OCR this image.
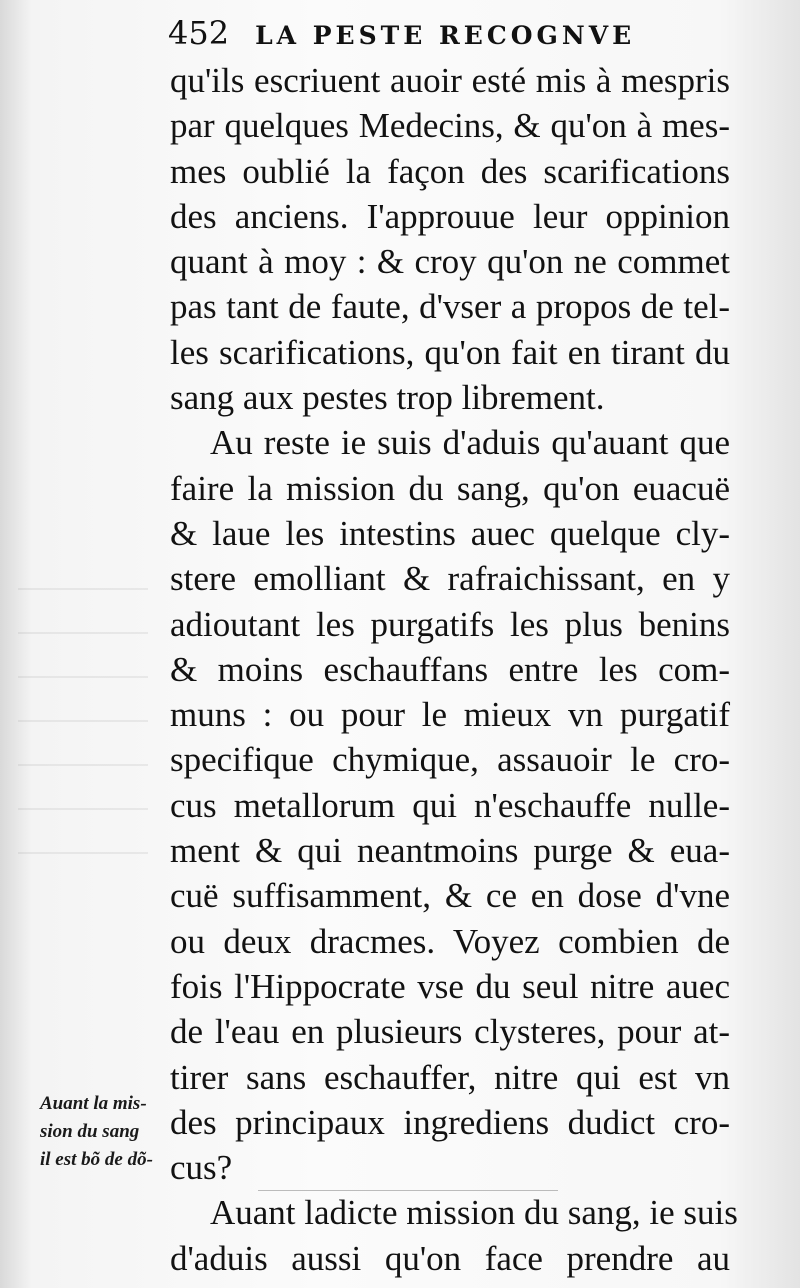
452 LA PESTE RECOGNVE
qu'ils escriuent auoir esté mis à mespris
par quelques Medecins, & qu'on à mes-
mes oublié la façon des scarifications
des anciens. I'approuue leur oppinion
quant à moy : & croy qu'on ne commet
pas tant de faute, d'vser a propos de tel-
les scarifications, qu'on fait en tirant du
sang aux pestes trop librement.
Au reste ie suis d'aduis qu'auant que
faire la mission du sang, qu'on euacuë
& laue les intestins auec quelque cly-
stere emolliant & rafraichissant, en y
adioutant les purgatifs les plus benins
& moins eschauffans entre les com-
muns : ou pour le mieux vn purgatif
specifique chymique, assauoir le cro-
cus metallorum qui n'eschauffe nulle-
ment & qui neantmoins purge & eua-
cuë suffisamment, & ce en dose d'vne
ou deux dracmes. Voyez combien de
fois l'Hippocrate vse du seul nitre auec
de l'eau en plusieurs clysteres, pour at-
tirer sans eschauffer, nitre qui est vn
des principaux ingrediens dudict cro-
cus?
Auant ladicte mission du sang, ie suis
d'aduis aussi qu'on face prendre au
Auant la mis-
sion du sang
il est bõ de dõ-
